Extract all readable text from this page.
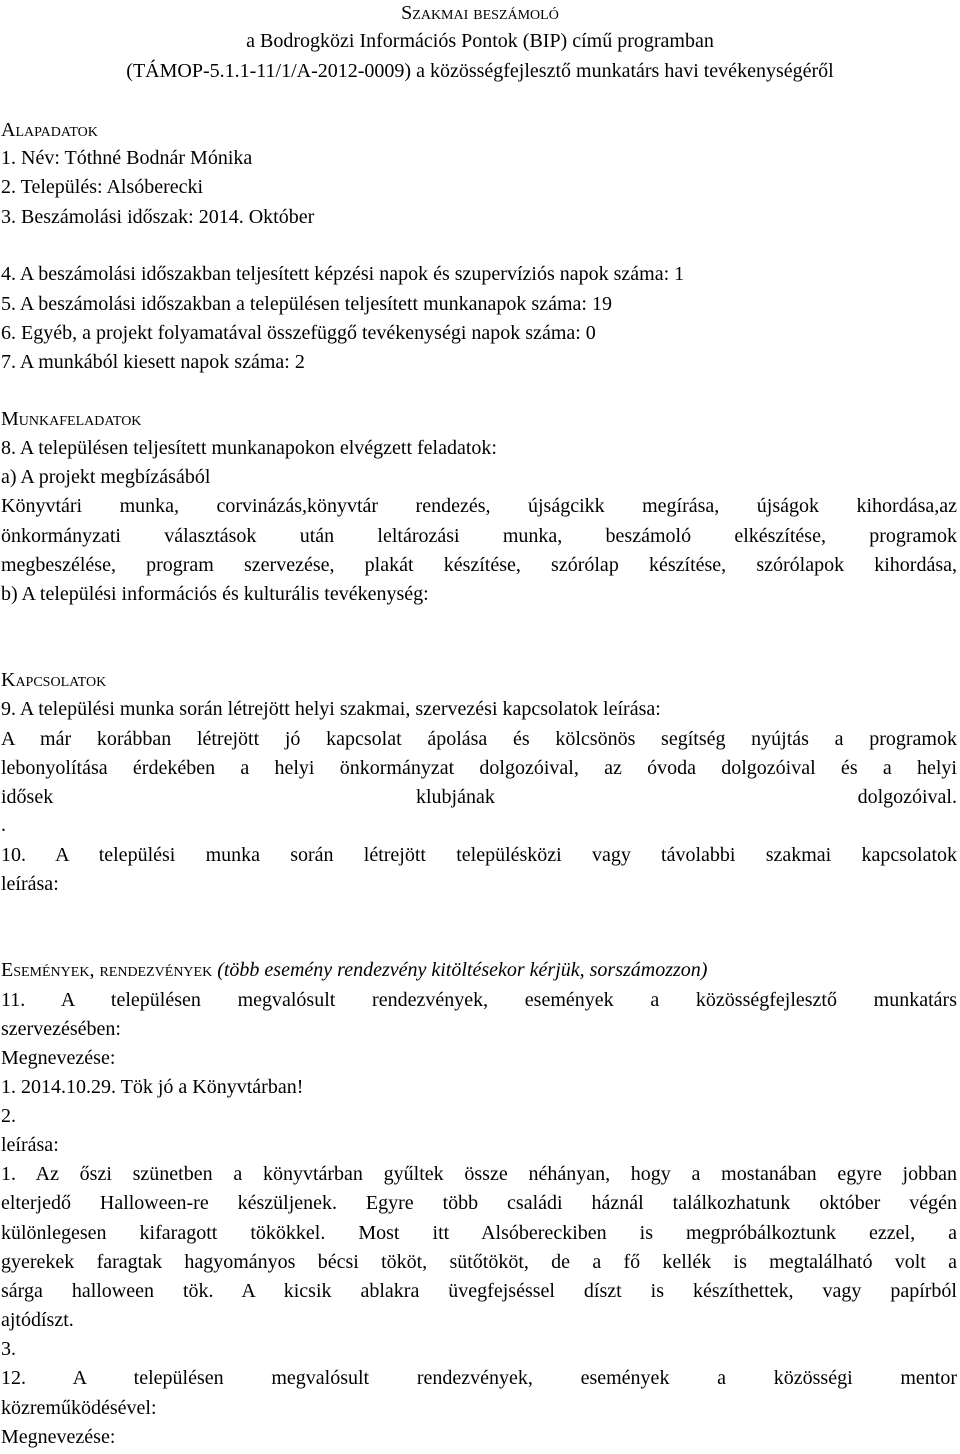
Szakmai beszámoló
a Bodrogközi Információs Pontok (BIP) című programban
(TÁMOP-5.1.1-11/1/A-2012-0009) a közösségfejlesztő munkatárs havi tevékenységéről
Alapadatok
1. Név: Tóthné Bodnár Mónika
2. Település: Alsóberecki
3. Beszámolási időszak: 2014. Október
4. A beszámolási időszakban teljesített képzési napok és szupervíziós napok száma: 1
5. A beszámolási időszakban a településen teljesített munkanapok száma: 19
6. Egyéb, a projekt folyamatával összefüggő tevékenységi napok száma: 0
7. A munkából kiesett napok száma: 2
Munkafeladatok
8. A településen teljesített munkanapokon elvégzett feladatok:
a) A projekt megbízásából
Könyvtári munka, corvinázás,könyvtár rendezés, újságcikk megírása, újságok kihordása,az
önkormányzati választások után leltározási munka, beszámoló elkészítése, programok
megbeszélése, program szervezése, plakát készítése, szórólap készítése, szórólapok kihordása,
b) A települési információs és kulturális tevékenység:
Kapcsolatok
9. A települési munka során létrejött helyi szakmai, szervezési kapcsolatok leírása:
A már korábban létrejött jó kapcsolat ápolása és kölcsönös segítség nyújtás a programok
lebonyolítása érdekében a helyi önkormányzat dolgozóival, az óvoda dolgozóival és a helyi
idősek klubjának dolgozóival.
.
10. A települési munka során létrejött településközi vagy távolabbi szakmai kapcsolatok
leírása:
Események, rendezvények (több esemény rendezvény kitöltésekor kérjük, sorszámozzon)
11. A településen megvalósult rendezvények, események a közösségfejlesztő munkatárs
szervezésében:
Megnevezése:
1. 2014.10.29. Tök jó a Könyvtárban!
2.
leírása:
1. Az őszi szünetben a könyvtárban gyűltek össze néhányan, hogy a mostanában egyre jobban
elterjedő Halloween-re készüljenek. Egyre több családi háznál találkozhatunk október végén
különlegesen kifaragott tökökkel. Most itt Alsóbereckiben is megpróbálkoztunk ezzel, a
gyerekek faragtak hagyományos bécsi tököt, sütőtököt, de a fő kellék is megtalálható volt a
sárga halloween tök. A kicsik ablakra üvegfejséssel díszt is készíthettek, vagy papírból
ajtódíszt.
3.
12. A településen megvalósult rendezvények, események a közösségi mentor
közreműködésével:
Megnevezése:
